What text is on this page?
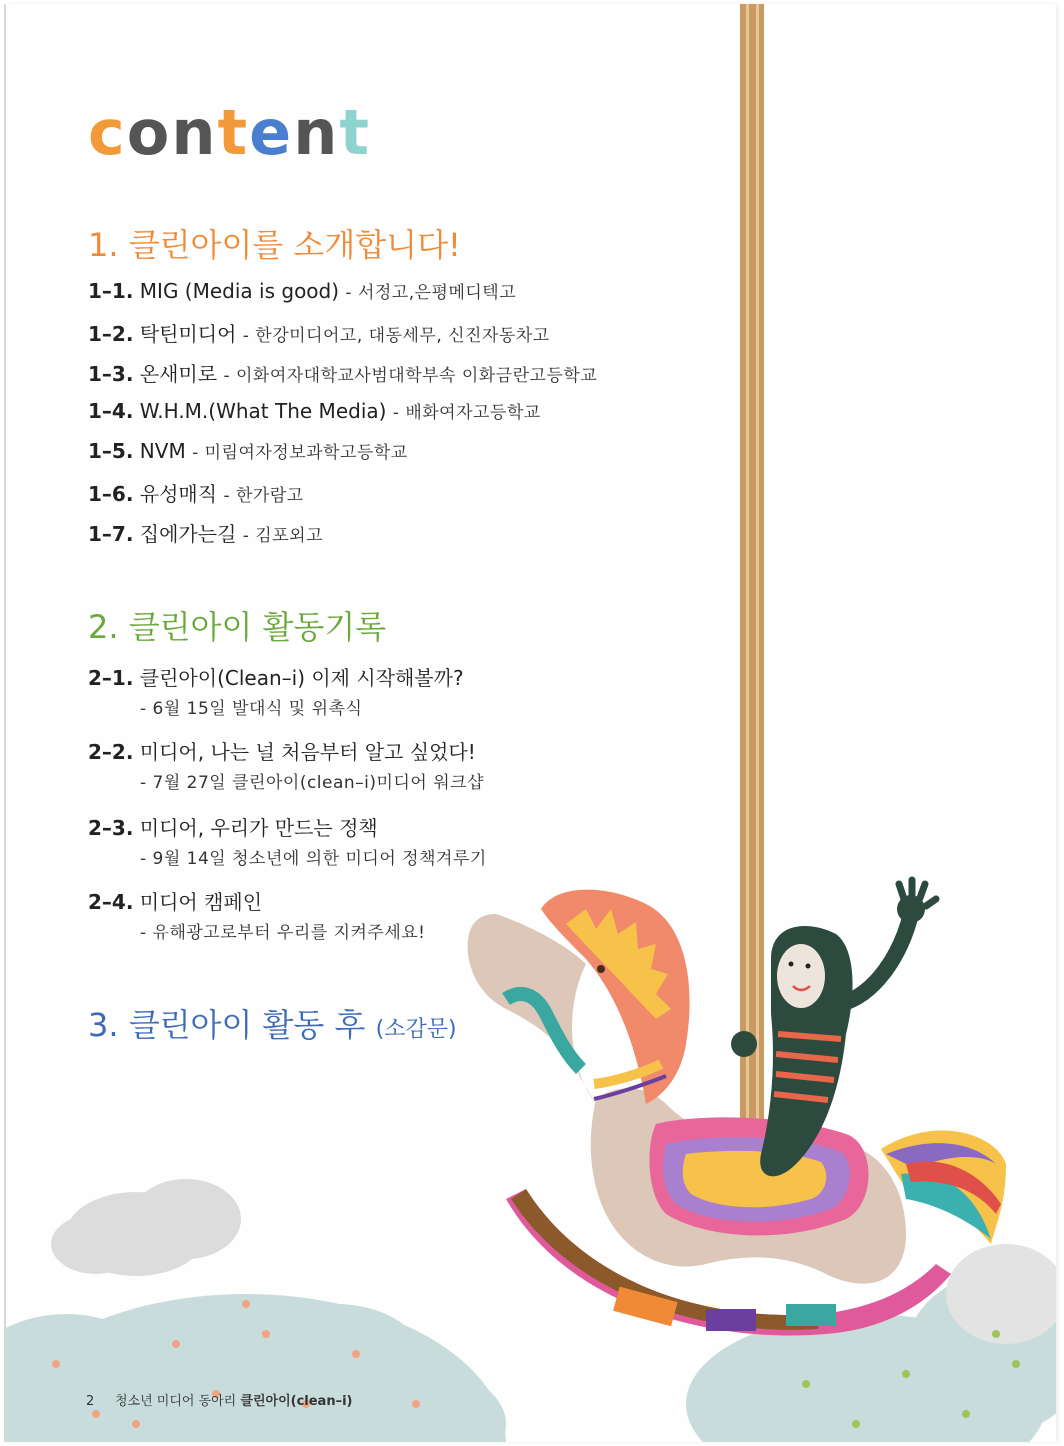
content
1. 클린아이를 소개합니다!
1–1. MIG (Media is good) - 서정고,은평메디텍고
1–2. 탁틴미디어 - 한강미디어고, 대동세무, 신진자동차고
1–3. 온새미로 - 이화여자대학교사범대학부속 이화금란고등학교
1–4. W.H.M.(What The Media) - 배화여자고등학교
1–5. NVM - 미림여자정보과학고등학교
1–6. 유성매직 - 한가람고
1–7. 집에가는길 - 김포외고
2. 클린아이 활동기록
2–1. 클린아이(Clean–i) 이제 시작해볼까?
- 6월 15일 발대식 및 위촉식
2–2. 미디어, 나는 널 처음부터 알고 싶었다!
- 7월 27일 클린아이(clean–i)미디어 워크샵
2–3. 미디어, 우리가 만드는 정책
- 9월 14일 청소년에 의한 미디어 정책겨루기
2–4. 미디어 캠페인
- 유해광고로부터 우리를 지켜주세요!
3. 클린아이 활동 후 (소감문)
2 청소년 미디어 동아리 클린아이(clean–i)
